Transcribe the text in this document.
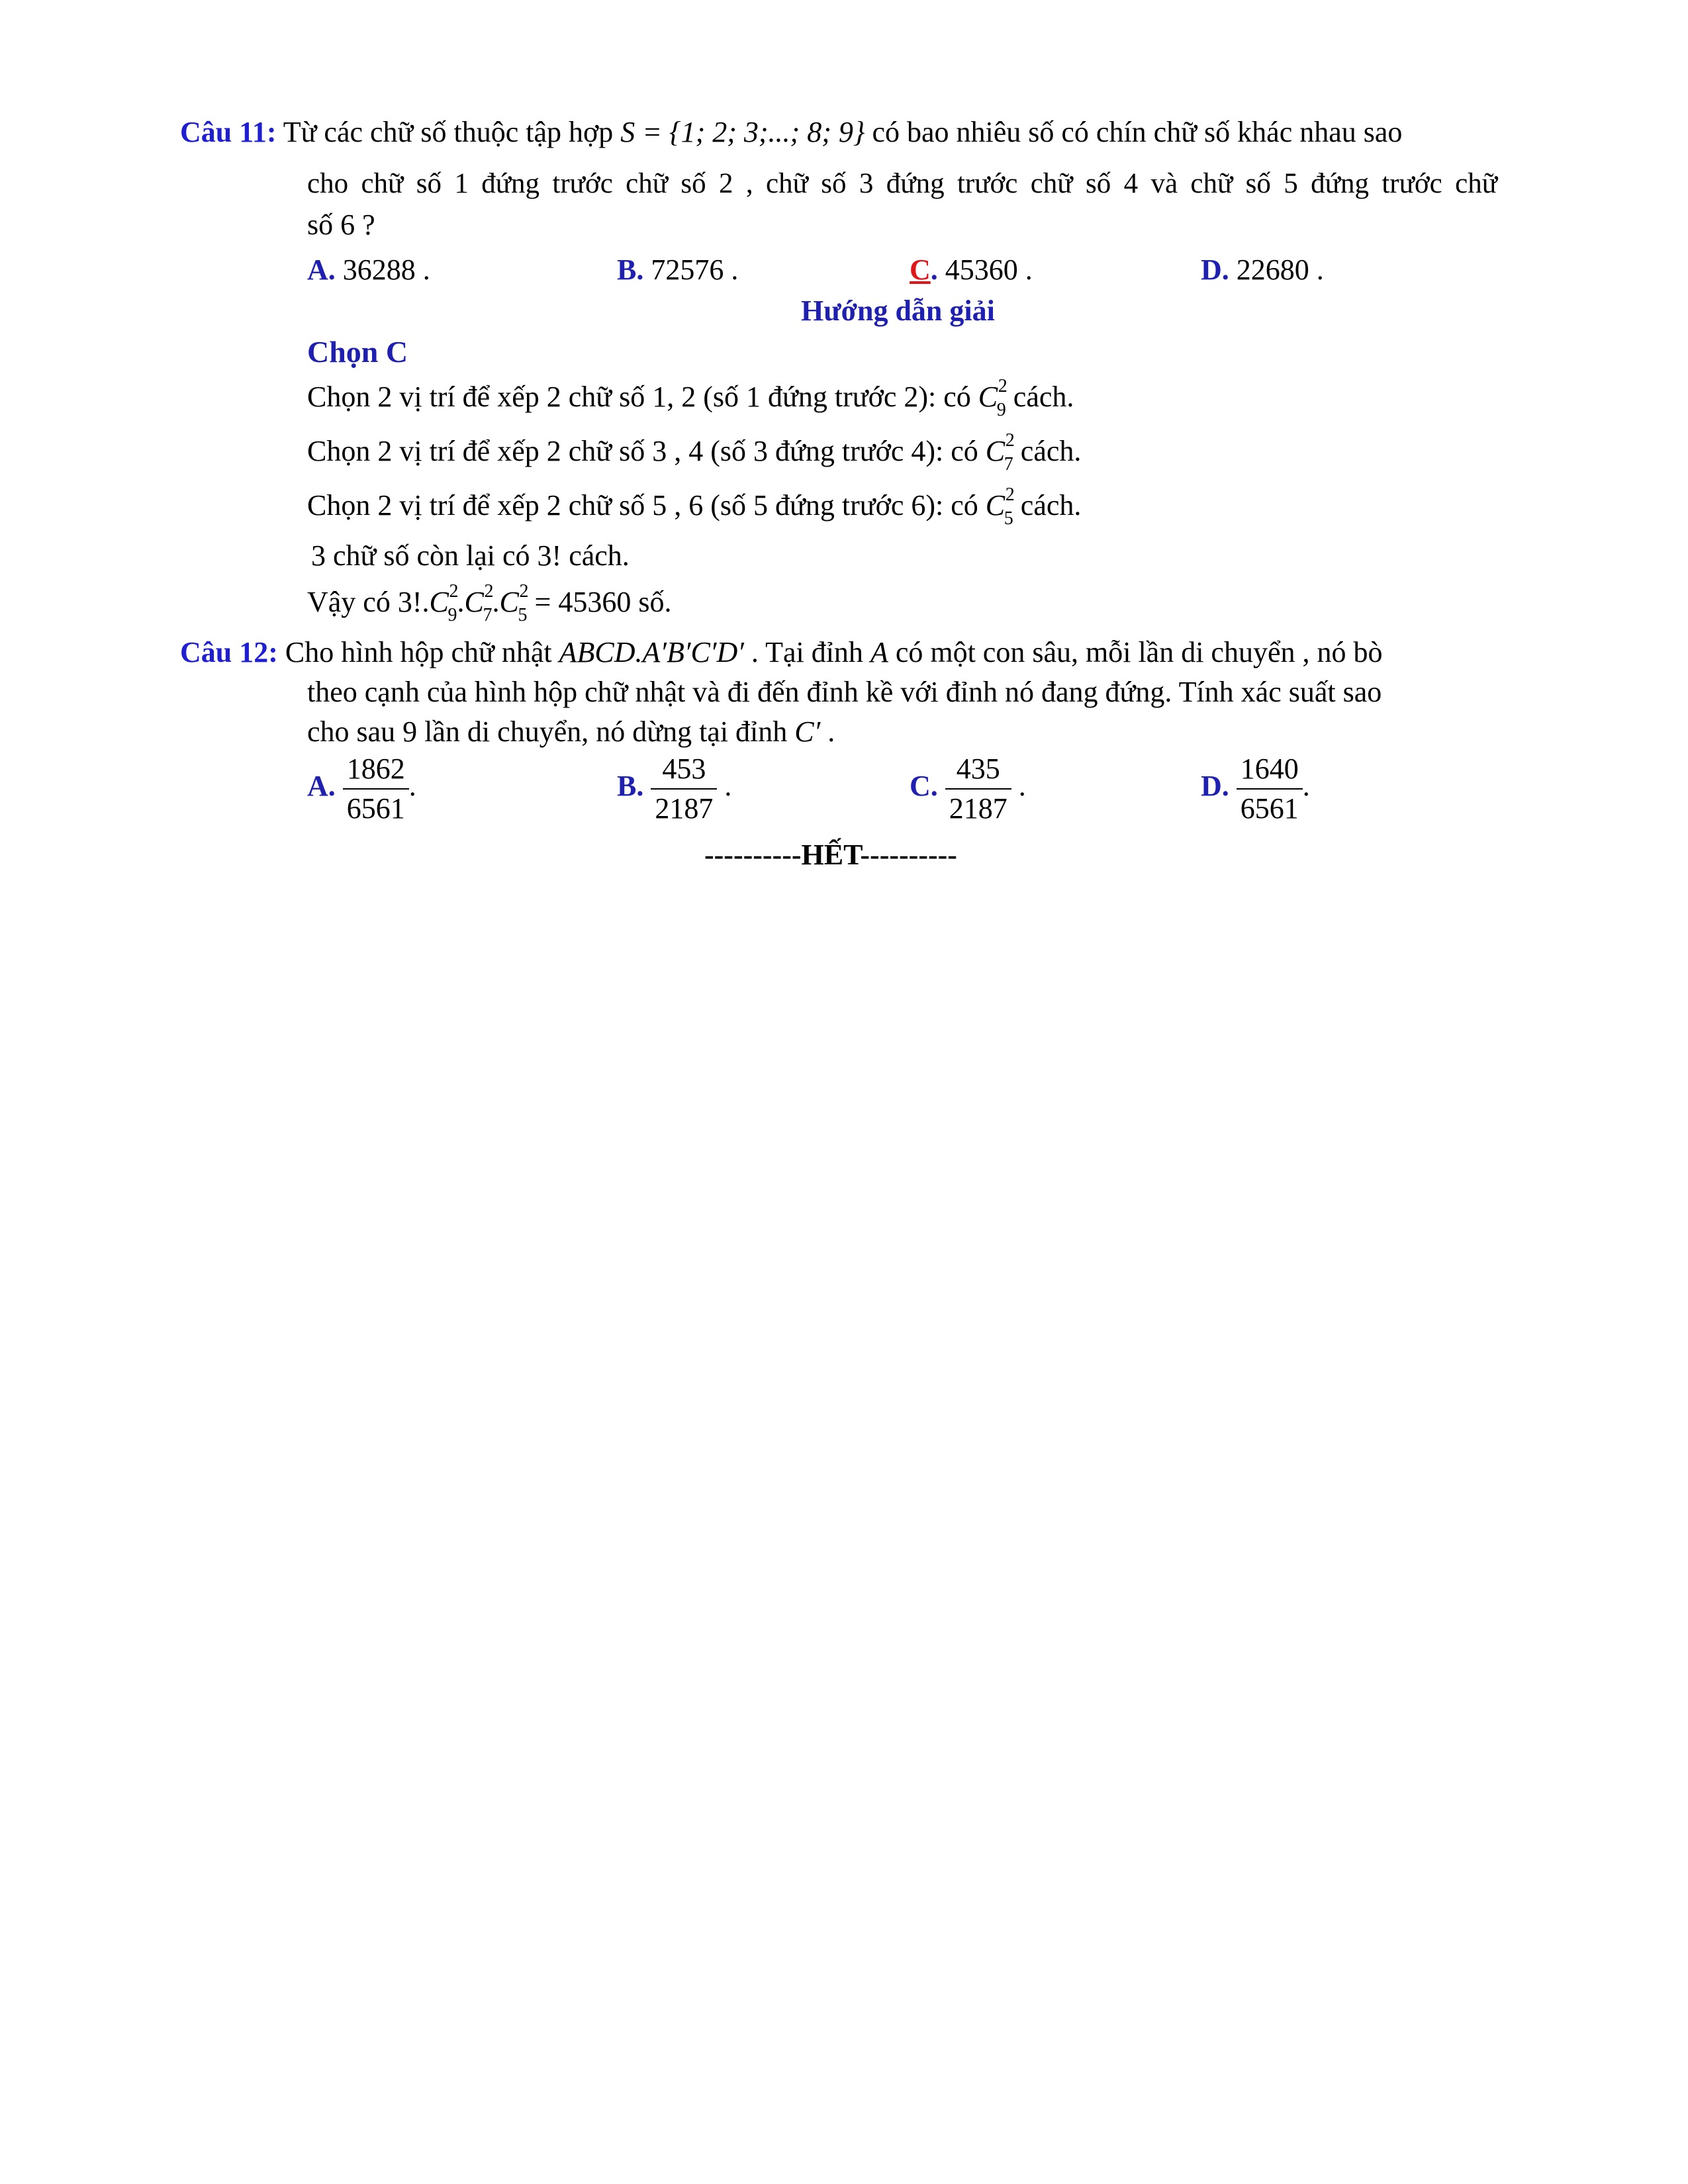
Câu 11: Từ các chữ số thuộc tập hợp S = {1; 2; 3;...; 8; 9} có bao nhiêu số có chín chữ số khác nhau sao
cho chữ số 1 đứng trước chữ số 2 , chữ số 3 đứng trước chữ số 4 và chữ số 5 đứng trước chữ
số 6 ?
A. 36288 .	B. 72576 .	C. 45360 .	D. 22680 .
Hướng dẫn giải
Chọn C
Chọn 2 vị trí để xếp 2 chữ số 1, 2 (số 1 đứng trước 2): có C 2
9 cách.
Chọn 2 vị trí để xếp 2 chữ số 3 , 4 (số 3 đứng trước 4): có C 2
7 cách.
Chọn 2 vị trí để xếp 2 chữ số 5 , 6 (số 5 đứng trước 6): có C 2
5 cách.
3 chữ số còn lại có 3! cách.
Vậy có 3!.C 2
9 .C 2
7 .C 2
5 = 45360 số.
Câu 12: Cho hình hộp chữ nhật ABCD.A′B′C′D′ . Tại đỉnh A có một con sâu, mỗi lần di chuyển , nó bò
theo cạnh của hình hộp chữ nhật và đi đến đỉnh kề với đỉnh nó đang đứng. Tính xác suất sao
cho sau 9 lần di chuyển, nó dừng tại đỉnh C′ .
A. $\frac{1862}{6561}$ .	B. $\frac{453}{2187}$ .	C. $\frac{435}{2187}$ .	D. $\frac{1640}{6561}$ .
----------HẾT----------
